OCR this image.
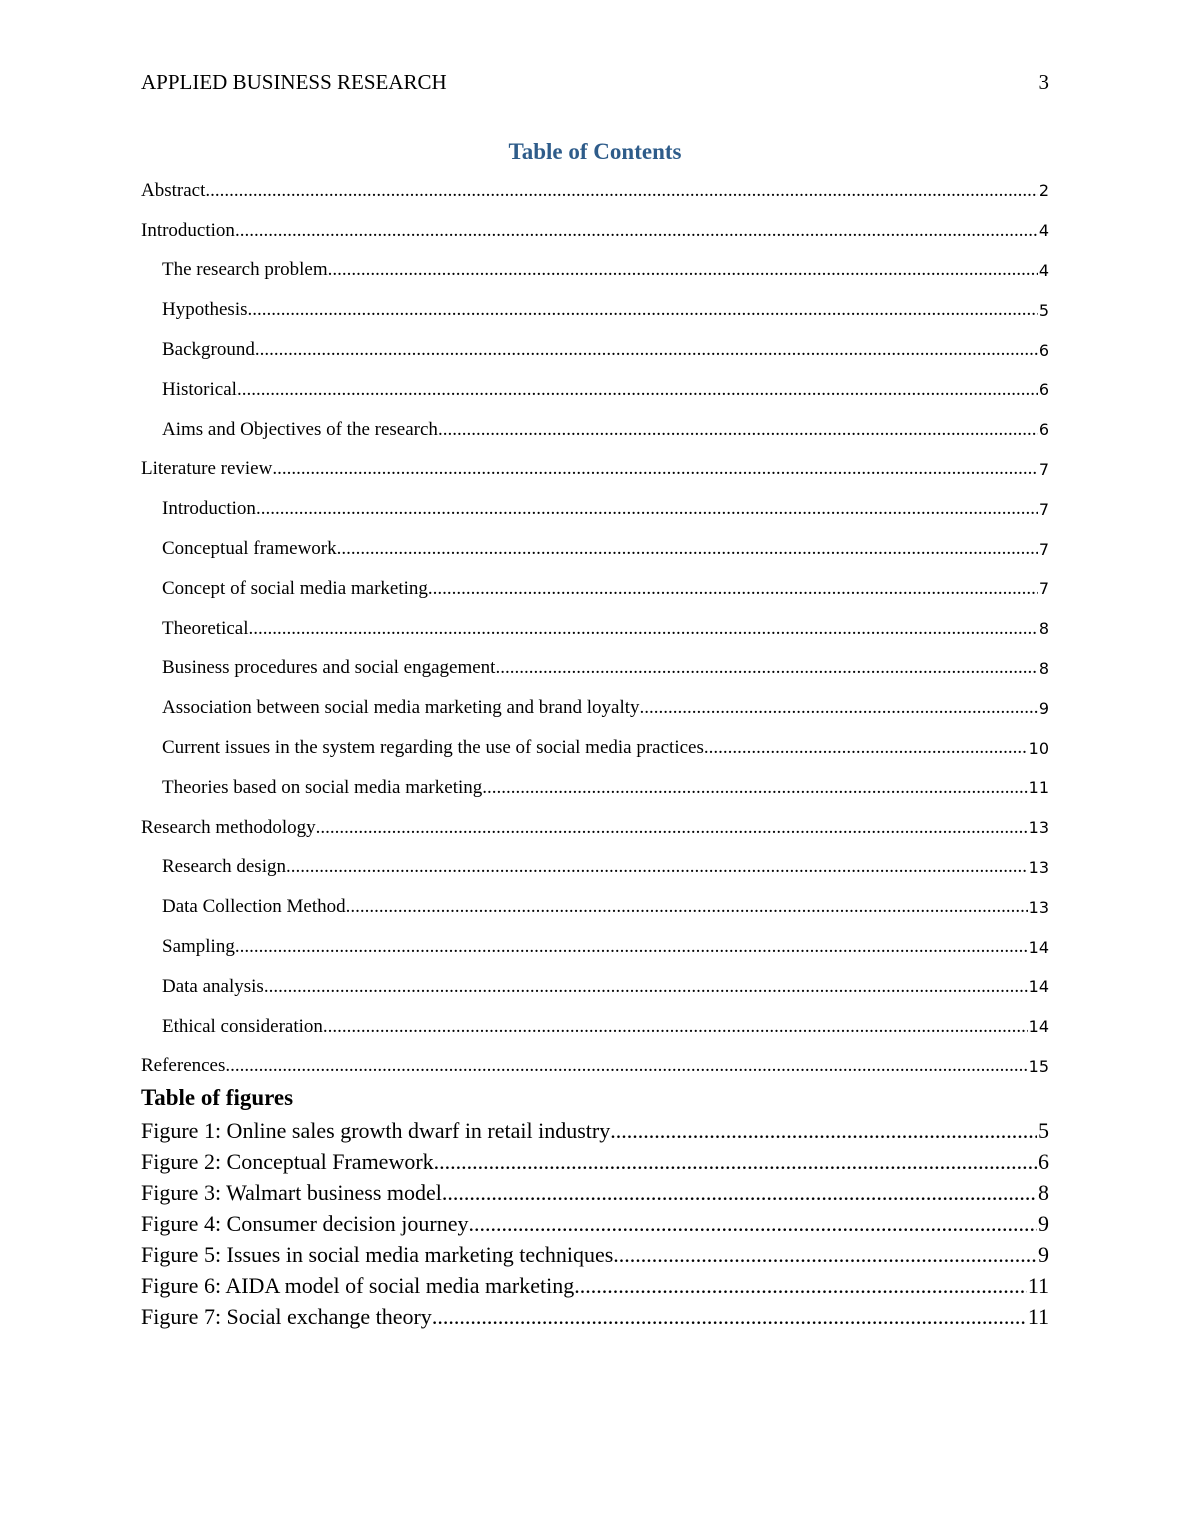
APPLIED BUSINESS RESEARCH	3
Table of Contents
Abstract .....	2
Introduction .....	4
The research problem .....	4
Hypothesis .....	5
Background .....	6
Historical .....	6
Aims and Objectives of the research .....	6
Literature review .....	7
Introduction .....	7
Conceptual framework .....	7
Concept of social media marketing .....	7
Theoretical .....	8
Business procedures and social engagement .....	8
Association between social media marketing and brand loyalty .....	9
Current issues in the system regarding the use of social media practices .....	10
Theories based on social media marketing .....	11
Research methodology .....	13
Research design .....	13
Data Collection Method .....	13
Sampling .....	14
Data analysis .....	14
Ethical consideration .....	14
References .....	15
Table of figures
Figure 1: Online sales growth dwarf in retail industry .....	5
Figure 2: Conceptual Framework .....	6
Figure 3: Walmart business model .....	8
Figure 4: Consumer decision journey .....	9
Figure 5: Issues in social media marketing techniques .....	9
Figure 6: AIDA model of social media marketing .....	11
Figure 7: Social exchange theory .....	11
